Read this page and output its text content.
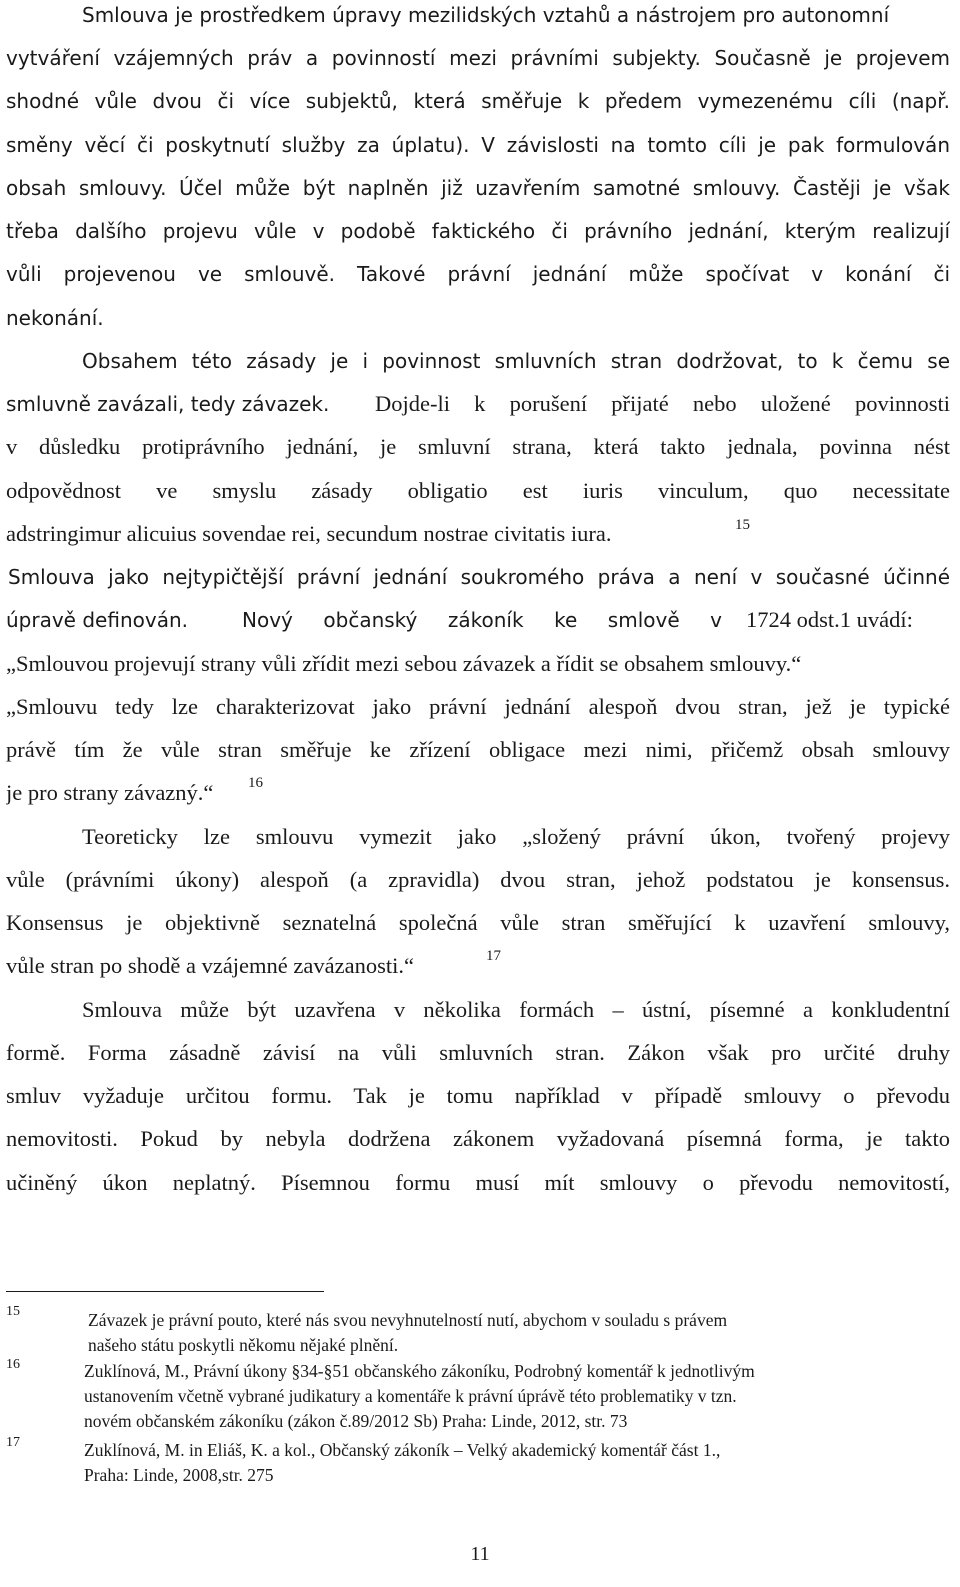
Smlouva je prostředkem úpravy mezilidských vztahů a nástrojem pro autonomní
vytváření vzájemných práv a povinností mezi právními subjekty. Současně je projevem
shodné vůle dvou či více subjektů, která směřuje k předem vymezenému cíli (např.
směny věcí či poskytnutí služby za úplatu). V závislosti na tomto cíli je pak formulován
obsah smlouvy. Účel může být naplněn již uzavřením samotné smlouvy. Častěji je však
třeba dalšího projevu vůle v podobě faktického či právního jednání, kterým realizují
vůli projevenou ve smlouvě. Takové právní jednání může spočívat v konání či
nekonání.
Obsahem této zásady je i povinnost smluvních stran dodržovat, to k čemu se
smluvně zavázali, tedy závazek.	Dojde-li k porušení přijaté nebo uložené povinnosti
v důsledku protiprávního jednání, je smluvní strana, která takto jednala, povinna nést
odpovědnost ve smyslu zásady obligatio est iuris vinculum, quo necessitate
adstringimur alicuius sovendae rei, secundum nostrae civitatis iura.	15
Smlouva jako nejtypičtější právní jednání soukromého práva a není v současné účinné
úpravě definován.	Nový občanský zákoník ke smlově v 1724 odst.1 uvádí:
„Smlouvou projevují strany vůli zřídit mezi sebou závazek a řídit se obsahem smlouvy.“
„Smlouvu tedy lze charakterizovat jako právní jednání alespoň dvou stran, jež je typické
právě tím že vůle stran směřuje ke zřízení obligace mezi nimi, přičemž obsah smlouvy
je pro strany závazný.“	16
Teoreticky lze smlouvu vymezit jako „složený právní úkon, tvořený projevy
vůle (právními úkony) alespoň (a zpravidla) dvou stran, jehož podstatou je konsensus.
Konsensus je objektivně seznatelná společná vůle stran směřující k uzavření smlouvy,
vůle stran po shodě a vzájemné zavázanosti.“	17
Smlouva může být uzavřena v několika formách – ústní, písemné a konkludentní
formě. Forma zásadně závisí na vůli smluvních stran. Zákon však pro určité druhy
smluv vyžaduje určitou formu. Tak je tomu například v případě smlouvy o převodu
nemovitosti. Pokud by nebyla dodržena zákonem vyžadovaná písemná forma, je takto
učiněný úkon neplatný. Písemnou formu musí mít smlouvy o převodu nemovitostí,
15	Závazek je právní pouto, které nás svou nevyhnutelností nutí, abychom v souladu s právem
našeho státu poskytli někomu nějaké plnění.
16	Zuklínová, M., Právní úkony §34-§51 občanského zákoníku, Podrobný komentář k jednotlivým
ustanovením včetně vybrané judikatury a komentáře k právní úprávě této problematiky v tzn.
novém občanském zákoníku (zákon č.89/2012 Sb) Praha: Linde, 2012, str. 73
17	Zuklínová, M. in Eliáš, K. a kol., Občanský zákoník – Velký akademický komentář část 1.,
Praha: Linde, 2008,str. 275
11
